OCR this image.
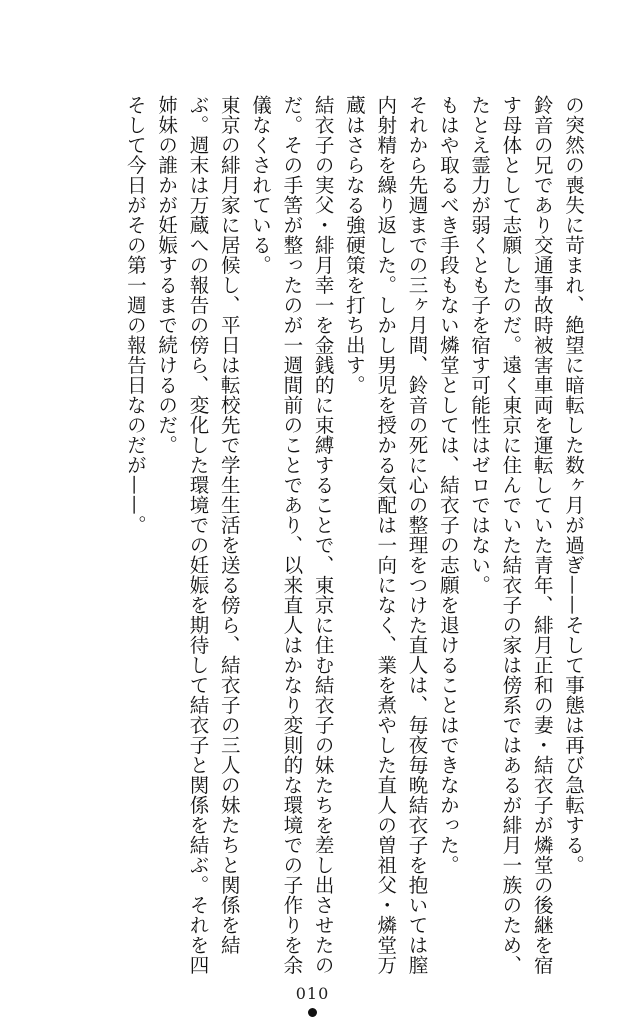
の突然の喪失に苛まれ、絶望に暗転した数ヶ月が過ぎ——そして事態は再び急転する。

鈴音の兄であり交通事故時被害車両を運転していた青年、緋月正和の妻・結衣子が燐堂の後継を宿す母体として志願したのだ。遠く東京に住んでいた結衣子の家は傍系ではあるが緋月一族のため、たとえ霊力が弱くとも子を宿す可能性はゼロではない。

もはや取るべき手段もない燐堂としては、結衣子の志願を退けることはできなかった。

それから先週までの三ヶ月間、鈴音の死に心の整理をつけた直人は、毎夜毎晩結衣子を抱いては膣内射精を繰り返した。しかし男児を授かる気配は一向になく、業を煮やした直人の曽祖父・燐堂万蔵はさらなる強硬策を打ち出す。

結衣子の実父・緋月幸一を金銭的に束縛することで、東京に住む結衣子の妹たちを差し出させたのだ。その手筈が整ったのが一週間前のことであり、以来直人はかなり変則的な環境での子作りを余儀なくされている。

東京の緋月家に居候し、平日は転校先で学生生活を送る傍ら、結衣子の三人の妹たちと関係を結ぶ。週末は万蔵への報告の傍ら、変化した環境での妊娠を期待して結衣子と関係を結ぶ。それを四姉妹の誰かが妊娠するまで続けるのだ。

そして今日がその第一週の報告日なのだが——。

010
